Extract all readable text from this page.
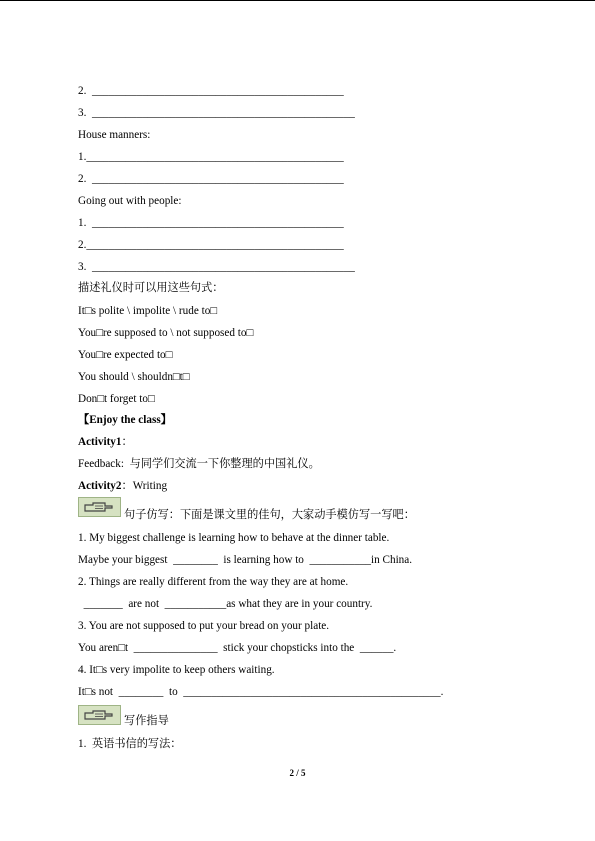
2.  _____________________________________________
3.  _______________________________________________
House manners:
1.______________________________________________
2.  _____________________________________________
Going out with people:
1.  _____________________________________________
2.______________________________________________
3.  _______________________________________________
描述礼仪时可以用这些句式：
It□s polite \ impolite \ rude to□
You□re supposed to \ not supposed to□
You□re expected to□
You should \ shouldn□t□
Don□t forget to□
【Enjoy the class】
Activity1：
Feedback:  与同学们交流一下你整理的中国礼仪。
Activity2：Writing
句子仿写：下面是课文里的佳句，大家动手模仿写一写吧：
1. My biggest challenge is learning how to behave at the dinner table.
Maybe your biggest  ________  is learning how to  ___________in China.
2. Things are really different from the way they are at home.
_______  are not  ___________as what they are in your country.
3. You are not supposed to put your bread on your plate.
You aren□t  _______________  stick your chopsticks into the  ______.
4. It□s very impolite to keep others waiting.
It□s not  ________  to  ______________________________________________.
写作指导
1.  英语书信的写法：
2 / 5
